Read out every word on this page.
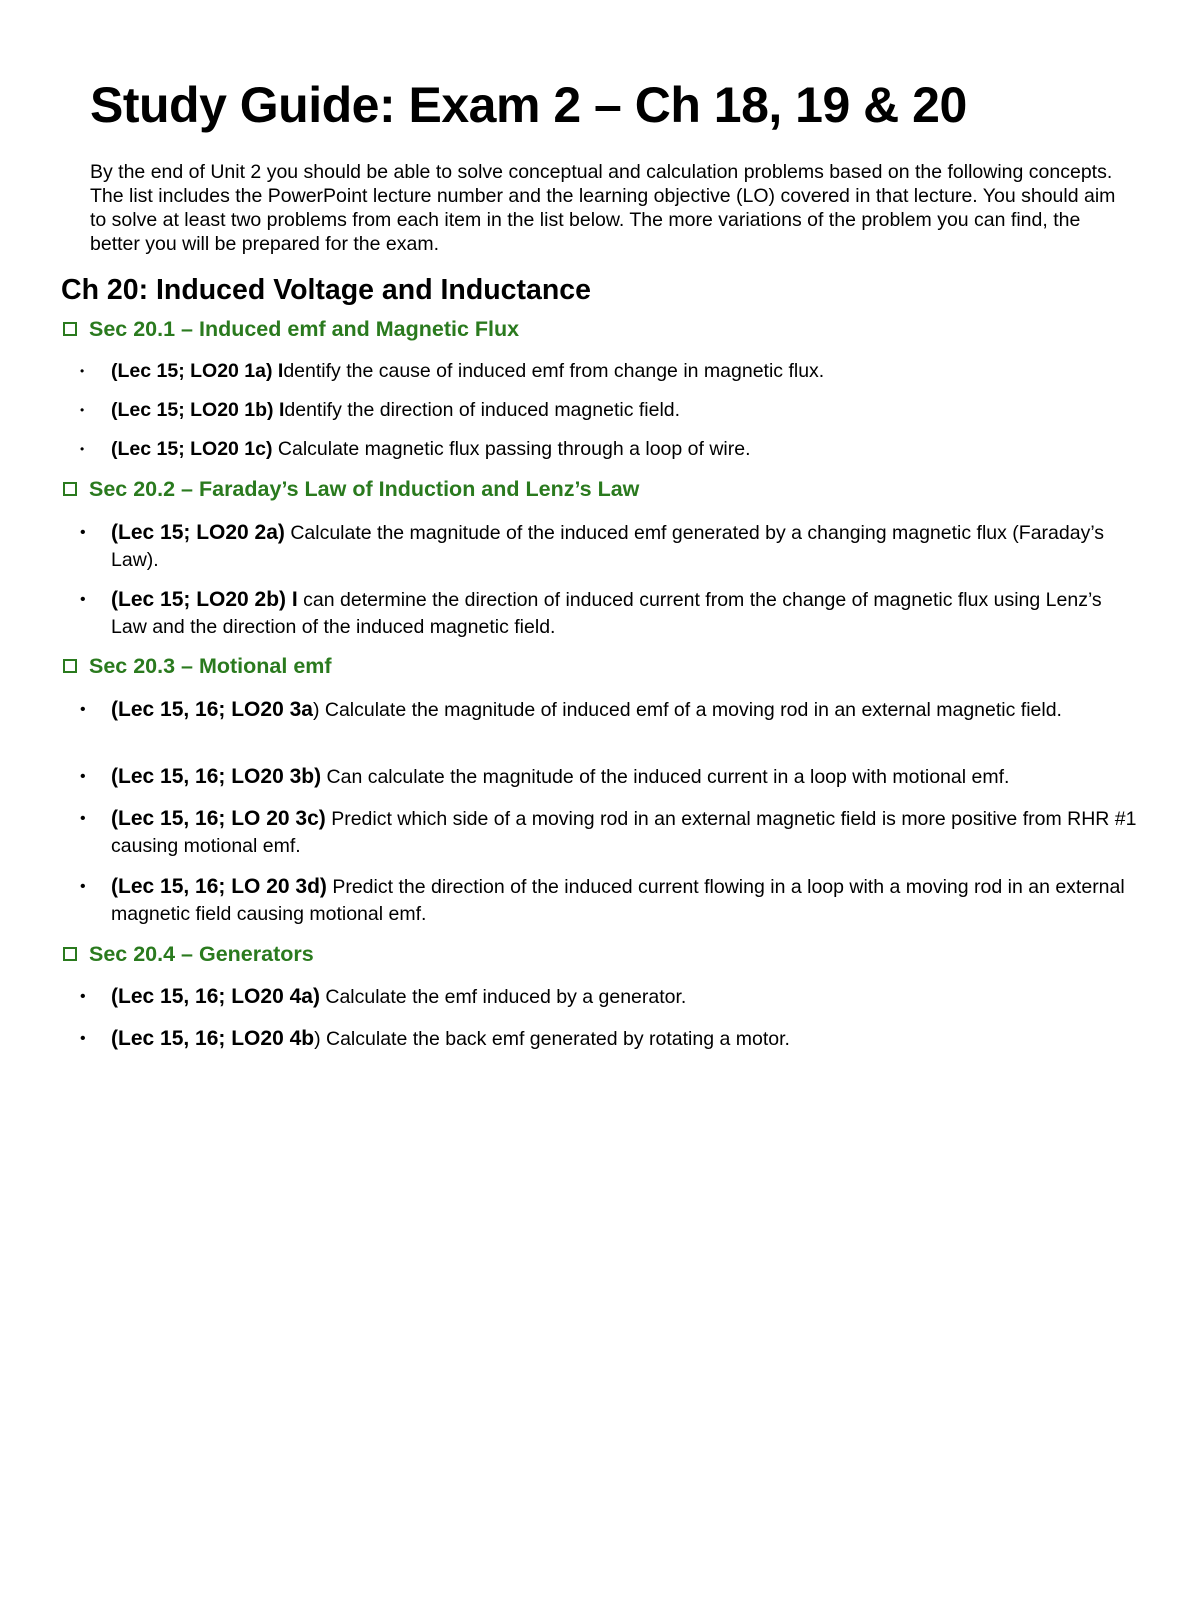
Study Guide: Exam 2 – Ch 18, 19 & 20

By the end of Unit 2 you should be able to solve conceptual and calculation problems based on the following concepts. The list includes the PowerPoint lecture number and the learning objective (LO) covered in that lecture. You should aim to solve at least two problems from each item in the list below. The more variations of the problem you can find, the better you will be prepared for the exam.

Ch 20: Induced Voltage and Inductance
Sec 20.1 – Induced emf and Magnetic Flux
•	(Lec 15; LO20 1a) Identify the cause of induced emf from change in magnetic flux.
•	(Lec 15; LO20 1b) Identify the direction of induced magnetic field.
•	(Lec 15; LO20 1c) Calculate magnetic flux passing through a loop of wire.
Sec 20.2 – Faraday’s Law of Induction and Lenz’s Law
•	(Lec 15; LO20 2a) Calculate the magnitude of the induced emf generated by a changing magnetic flux (Faraday’s Law).
•	(Lec 15; LO20 2b) I can determine the direction of induced current from the change of magnetic flux using Lenz’s Law and the direction of the induced magnetic field.
Sec 20.3 – Motional emf
•	(Lec 15, 16; LO20 3a) Calculate the magnitude of induced emf of a moving rod in an external magnetic field.
•	(Lec 15, 16; LO20 3b) Can calculate the magnitude of the induced current in a loop with motional emf.
•	(Lec 15, 16; LO 20 3c) Predict which side of a moving rod in an external magnetic field is more positive from RHR #1 causing motional emf.
•	(Lec 15, 16; LO 20 3d) Predict the direction of the induced current flowing in a loop with a moving rod in an external magnetic field causing motional emf.
Sec 20.4 – Generators
•	(Lec 15, 16; LO20 4a) Calculate the emf induced by a generator.
•	(Lec 15, 16; LO20 4b) Calculate the back emf generated by rotating a motor.
